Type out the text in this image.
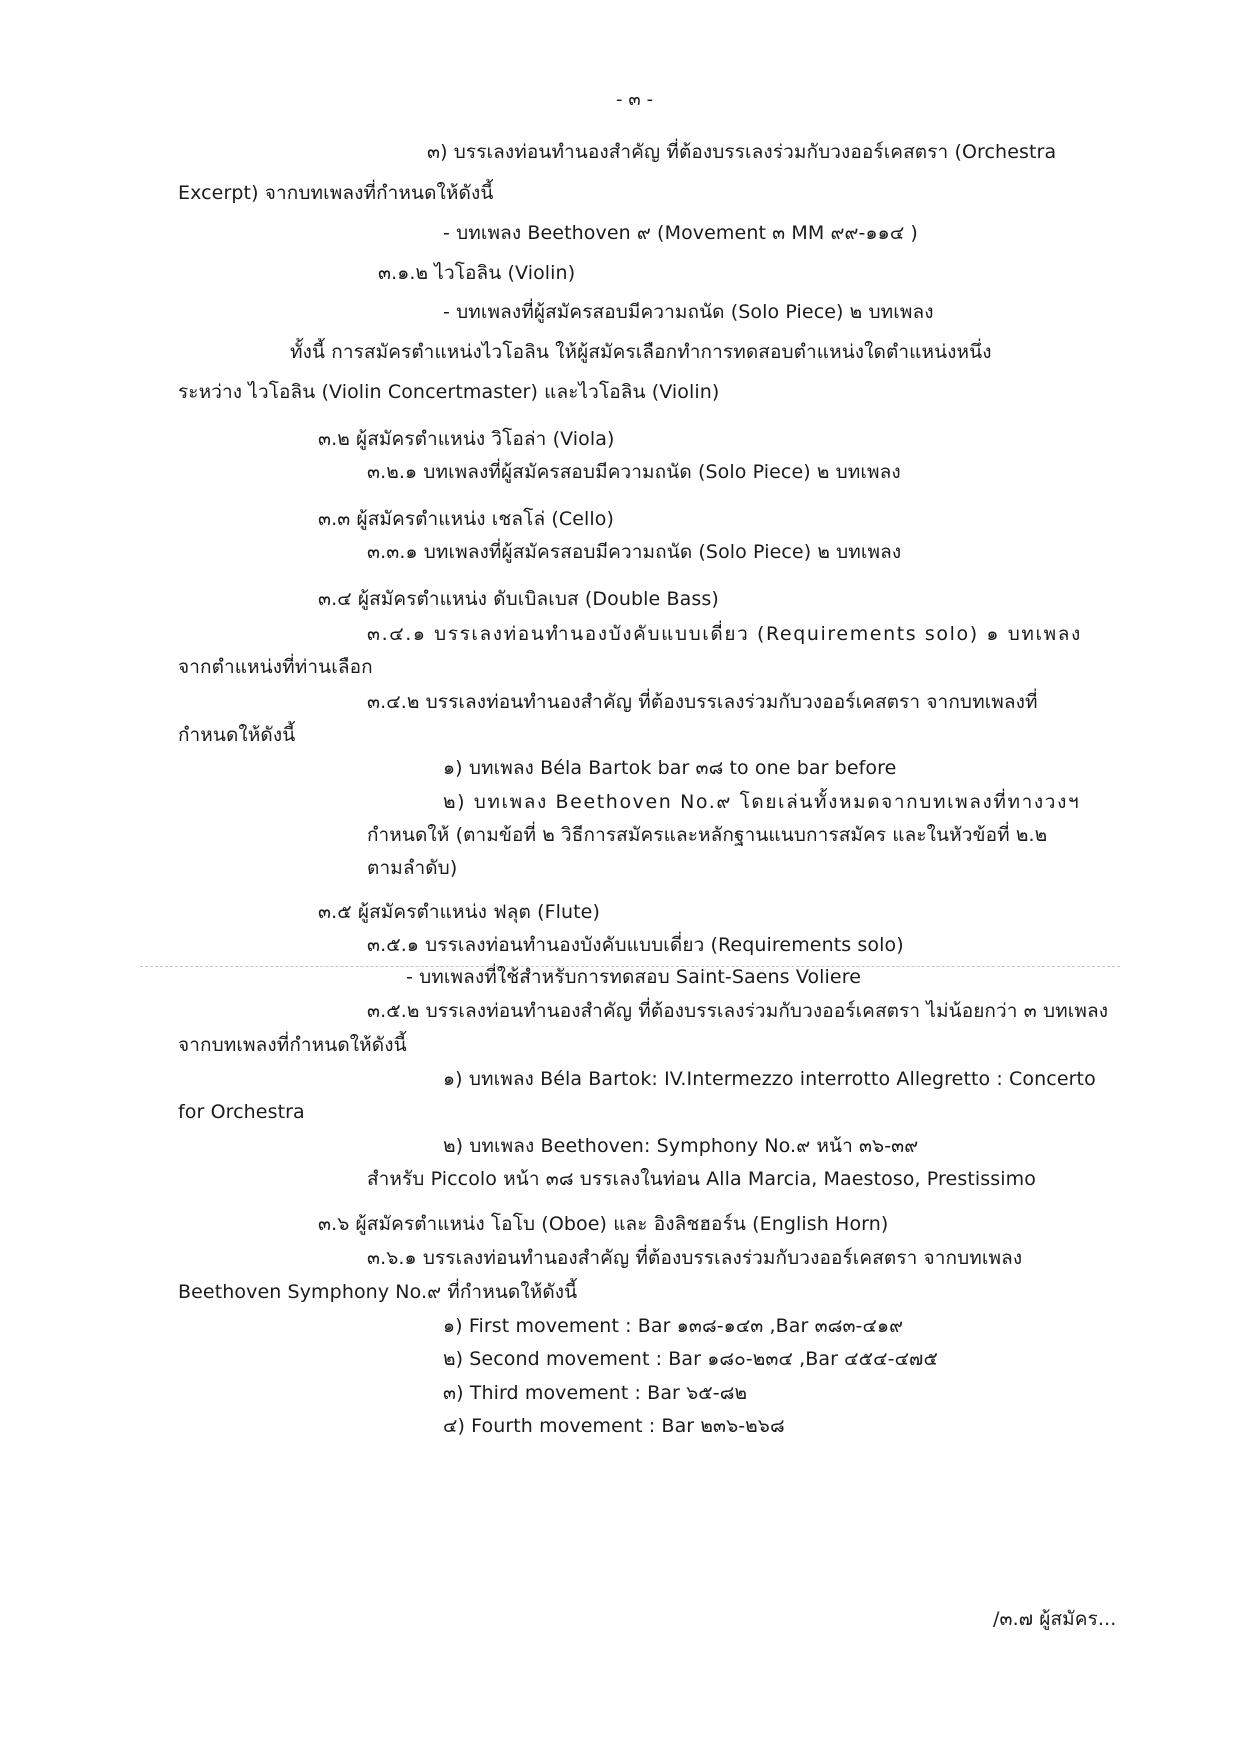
- ๓ -
๓) บรรเลงท่อนทำนองสำคัญ ที่ต้องบรรเลงร่วมกับวงออร์เคสตรา (Orchestra
Excerpt) จากบทเพลงที่กำหนดให้ดังนี้
- บทเพลง Beethoven ๙ (Movement ๓ MM ๙๙-๑๑๔ )
๓.๑.๒ ไวโอลิน (Violin)
- บทเพลงที่ผู้สมัครสอบมีความถนัด (Solo Piece) ๒ บทเพลง
ทั้งนี้ การสมัครตำแหน่งไวโอลิน ให้ผู้สมัครเลือกทำการทดสอบตำแหน่งใดตำแหน่งหนึ่ง
ระหว่าง ไวโอลิน (Violin Concertmaster) และไวโอลิน (Violin)
๓.๒ ผู้สมัครตำแหน่ง วิโอล่า (Viola)
๓.๒.๑ บทเพลงที่ผู้สมัครสอบมีความถนัด (Solo Piece) ๒ บทเพลง
๓.๓ ผู้สมัครตำแหน่ง เชลโล่ (Cello)
๓.๓.๑ บทเพลงที่ผู้สมัครสอบมีความถนัด (Solo Piece) ๒ บทเพลง
๓.๔ ผู้สมัครตำแหน่ง ดับเบิลเบส (Double Bass)
๓.๔.๑ บรรเลงท่อนทำนองบังคับแบบเดี่ยว (Requirements solo) ๑ บทเพลง
จากตำแหน่งที่ท่านเลือก
๓.๔.๒ บรรเลงท่อนทำนองสำคัญ ที่ต้องบรรเลงร่วมกับวงออร์เคสตรา จากบทเพลงที่
กำหนดให้ดังนี้
๑) บทเพลง Béla Bartok bar ๓๘ to one bar before
๒) บทเพลง Beethoven No.๙ โดยเล่นทั้งหมดจากบทเพลงที่ทางวงฯ
กำหนดให้ (ตามข้อที่ ๒ วิธีการสมัครและหลักฐานแนบการสมัคร และในหัวข้อที่ ๒.๒
ตามลำดับ)
๓.๕ ผู้สมัครตำแหน่ง ฟลุต (Flute)
๓.๕.๑ บรรเลงท่อนทำนองบังคับแบบเดี่ยว (Requirements solo)
- บทเพลงที่ใช้สำหรับการทดสอบ Saint-Saens Voliere
๓.๕.๒ บรรเลงท่อนทำนองสำคัญ ที่ต้องบรรเลงร่วมกับวงออร์เคสตรา ไม่น้อยกว่า ๓ บทเพลง
จากบทเพลงที่กำหนดให้ดังนี้
๑) บทเพลง Béla Bartok: IV.Intermezzo interrotto Allegretto : Concerto
for Orchestra
๒) บทเพลง Beethoven: Symphony No.๙ หน้า ๓๖-๓๙
สำหรับ Piccolo หน้า ๓๘ บรรเลงในท่อน Alla Marcia, Maestoso, Prestissimo
๓.๖ ผู้สมัครตำแหน่ง โอโบ (Oboe) และ อิงลิชฮอร์น (English Horn)
๓.๖.๑ บรรเลงท่อนทำนองสำคัญ ที่ต้องบรรเลงร่วมกับวงออร์เคสตรา จากบทเพลง
Beethoven Symphony No.๙ ที่กำหนดให้ดังนี้
๑) First movement : Bar ๑๓๘-๑๔๓ ,Bar ๓๘๓-๔๑๙
๒) Second movement : Bar ๑๘๐-๒๓๔ ,Bar ๔๕๔-๔๗๕
๓) Third movement : Bar ๖๕-๘๒
๔) Fourth movement : Bar ๒๓๖-๒๖๘
/๓.๗ ผู้สมัคร...
